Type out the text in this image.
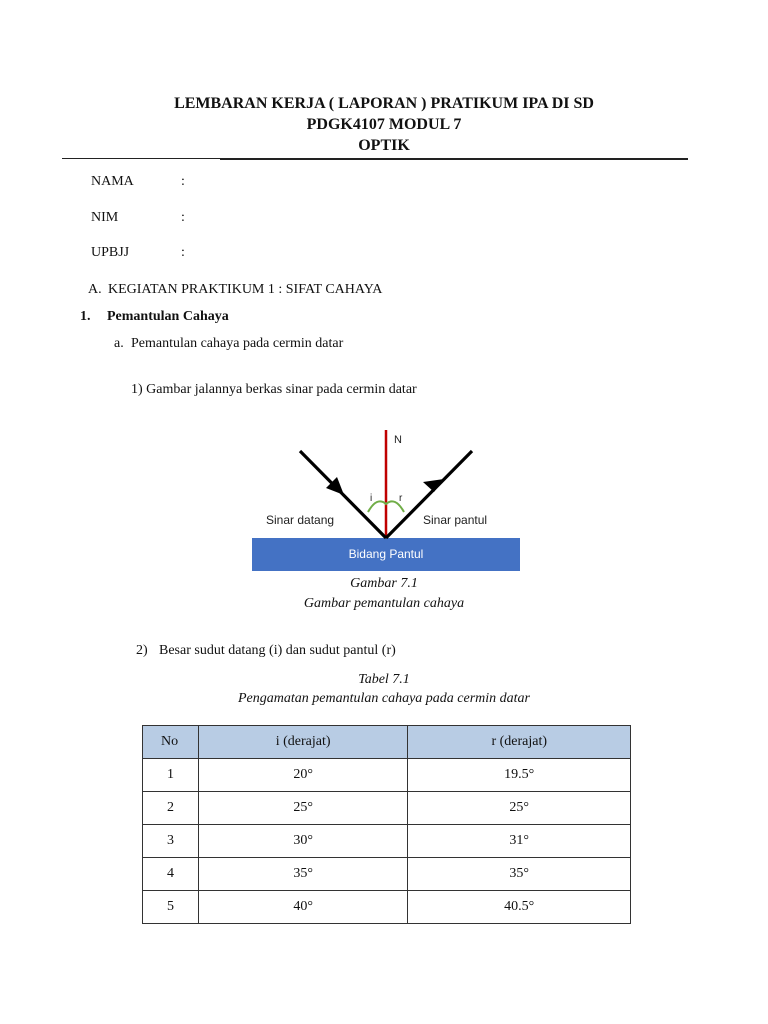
LEMBARAN KERJA ( LAPORAN ) PRATIKUM IPA DI SD
PDGK4107 MODUL 7
OPTIK
NAMA	:
NIM	:
UPBJJ	:
A. KEGIATAN PRAKTIKUM 1 : SIFAT CAHAYA
1. Pemantulan Cahaya
a. Pemantulan cahaya pada cermin datar
1) Gambar jalannya berkas sinar pada cermin datar
Bidang Pantul
N
i	r
Sinar datang	Sinar pantul
Gambar 7.1
Gambar pemantulan cahaya
2) Besar sudut datang (i) dan sudut pantul (r)
Tabel 7.1
Pengamatan pemantulan cahaya pada cermin datar
No	i (derajat)	r (derajat)
1	20°	19.5°
2	25°	25°
3	30°	31°
4	35°	35°
5	40°	40.5°
